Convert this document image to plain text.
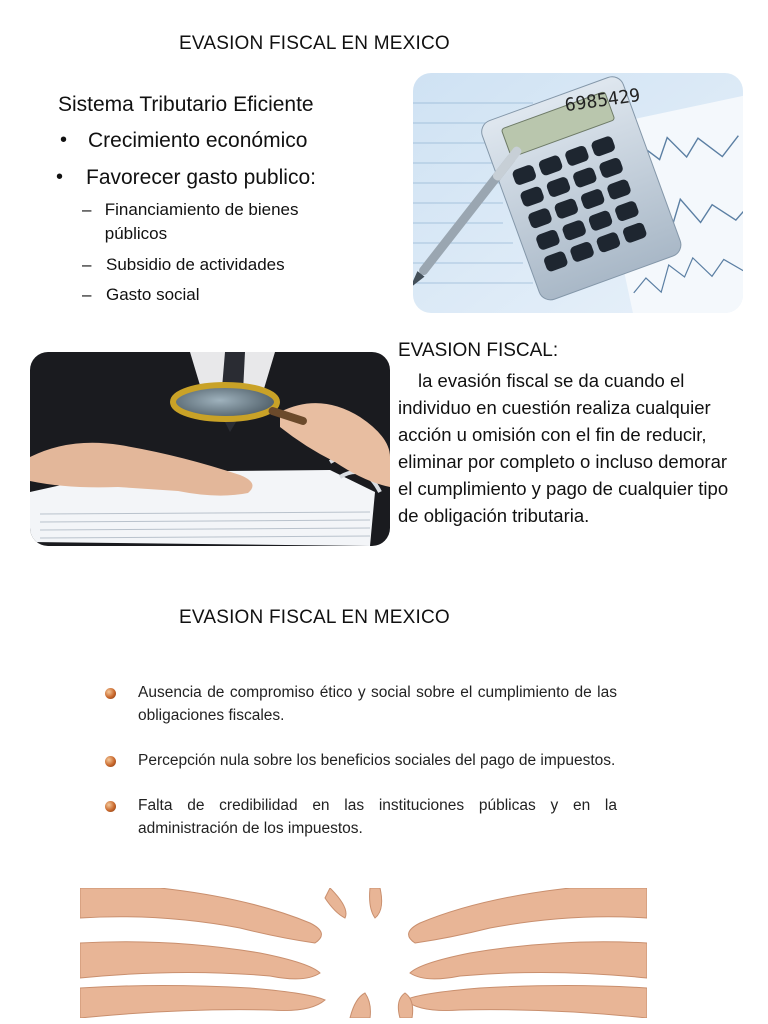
EVASION FISCAL EN MEXICO
Sistema Tributario Eficiente
• Crecimiento económico
•	Favorecer gasto publico:
– Financiamiento de bienes públicos
– Subsidio de actividades
– Gasto social
6985429
EVASION FISCAL:
la evasión fiscal se da cuando el individuo en cuestión realiza cualquier acción u omisión con el fin de reducir, eliminar por completo o incluso demorar el cumplimiento y pago de cualquier tipo de obligación tributaria.
EVASION FISCAL EN MEXICO
Ausencia de compromiso ético y social sobre el cumplimiento de las obligaciones fiscales.
Percepción nula sobre los beneficios sociales del pago de impuestos.
Falta de credibilidad en las instituciones públicas y en la administración de los impuestos.
